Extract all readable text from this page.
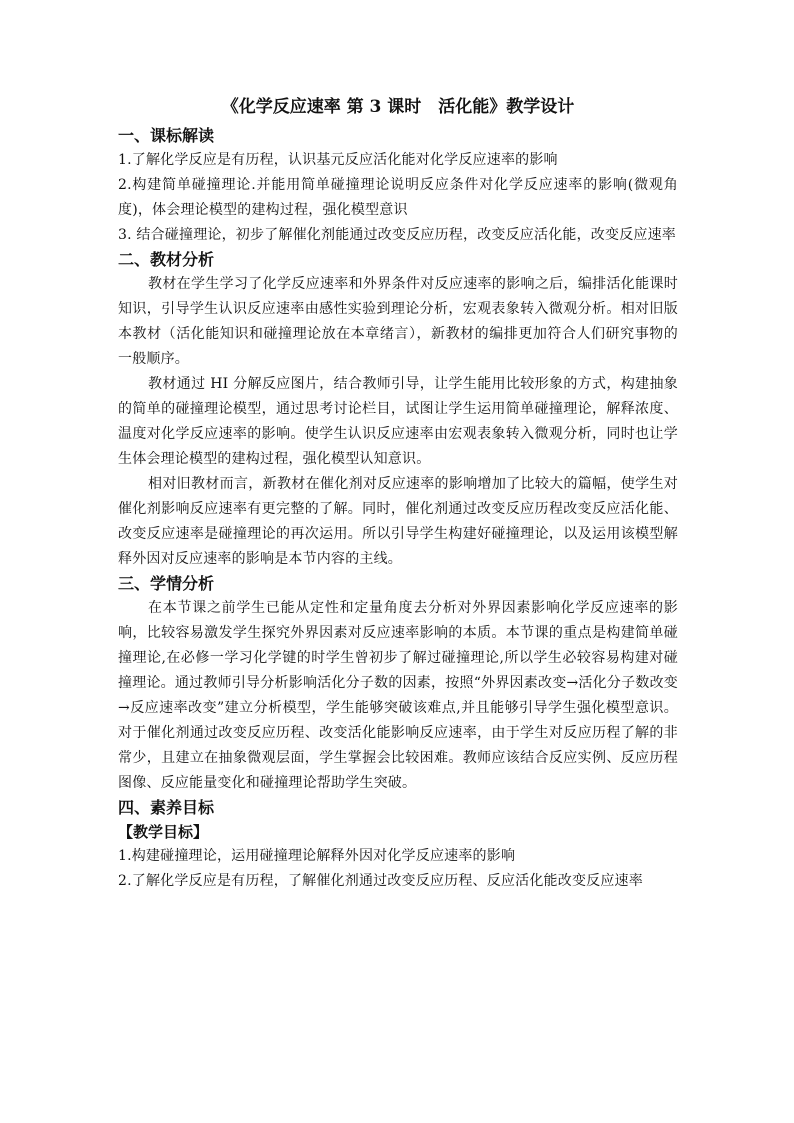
《化学反应速率 第 3 课时　活化能》教学设计
一、课标解读

1.了解化学反应是有历程，认识基元反应活化能对化学反应速率的影响

2.构建简单碰撞理论.并能用简单碰撞理论说明反应条件对化学反应速率的影响(微观角度)，体会理论模型的建构过程，强化模型意识

3. 结合碰撞理论，初步了解催化剂能通过改变反应历程，改变反应活化能，改变反应速率

二、教材分析

教材在学生学习了化学反应速率和外界条件对反应速率的影响之后，编排活化能课时知识，引导学生认识反应速率由感性实验到理论分析，宏观表象转入微观分析。相对旧版本教材（活化能知识和碰撞理论放在本章绪言），新教材的编排更加符合人们研究事物的一般顺序。

教材通过 HI 分解反应图片，结合教师引导，让学生能用比较形象的方式，构建抽象的简单的碰撞理论模型，通过思考讨论栏目，试图让学生运用简单碰撞理论，解释浓度、温度对化学反应速率的影响。使学生认识反应速率由宏观表象转入微观分析，同时也让学生体会理论模型的建构过程，强化模型认知意识。

相对旧教材而言，新教材在催化剂对反应速率的影响增加了比较大的篇幅，使学生对催化剂影响反应速率有更完整的了解。同时，催化剂通过改变反应历程改变反应活化能、改变反应速率是碰撞理论的再次运用。所以引导学生构建好碰撞理论，以及运用该模型解释外因对反应速率的影响是本节内容的主线。

三、学情分析

在本节课之前学生已能从定性和定量角度去分析对外界因素影响化学反应速率的影响，比较容易激发学生探究外界因素对反应速率影响的本质。本节课的重点是构建简单碰撞理论,在必修一学习化学键的时学生曾初步了解过碰撞理论,所以学生必较容易构建对碰撞理论。通过教师引导分析影响活化分子数的因素，按照“外界因素改变→活化分子数改变→反应速率改变”建立分析模型，学生能够突破该难点,并且能够引导学生强化模型意识。对于催化剂通过改变反应历程、改变活化能影响反应速率，由于学生对反应历程了解的非常少，且建立在抽象微观层面，学生掌握会比较困难。教师应该结合反应实例、反应历程图像、反应能量变化和碰撞理论帮助学生突破。

四、素养目标
【教学目标】

1.构建碰撞理论，运用碰撞理论解释外因对化学反应速率的影响

2.了解化学反应是有历程，了解催化剂通过改变反应历程、反应活化能改变反应速率
